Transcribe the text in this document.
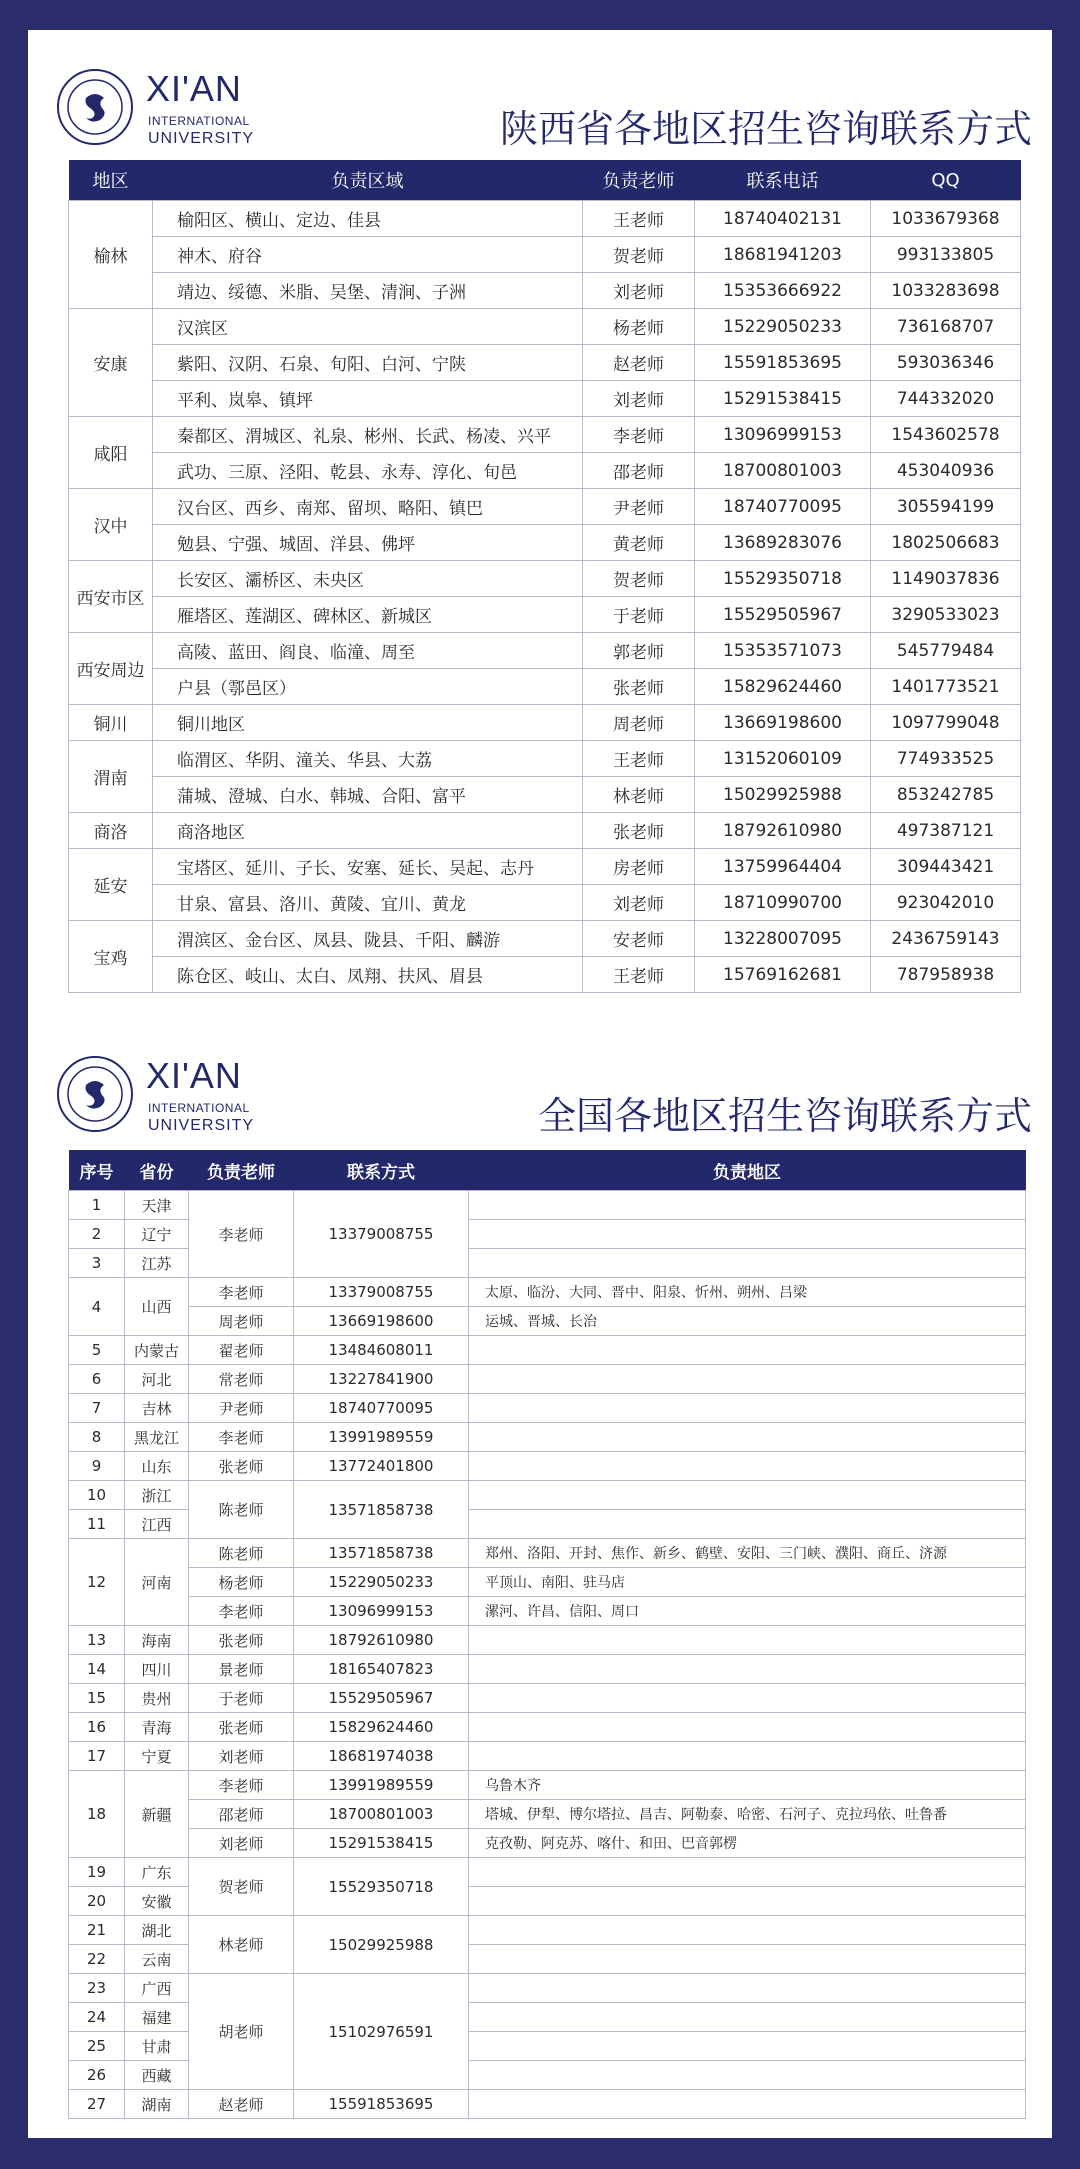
XI'AN
INTERNATIONAL
UNIVERSITY	陕西省各地区招生咨询联系方式
地区	负责区域	负责老师	联系电话	QQ
榆林	榆阳区、横山、定边、佳县	王老师	18740402131	1033679368
	神木、府谷	贺老师	18681941203	993133805
	靖边、绥德、米脂、吴堡、清涧、子洲	刘老师	15353666922	1033283698
安康	汉滨区	杨老师	15229050233	736168707
	紫阳、汉阴、石泉、旬阳、白河、宁陕	赵老师	15591853695	593036346
	平利、岚皋、镇坪	刘老师	15291538415	744332020
咸阳	秦都区、渭城区、礼泉、彬州、长武、杨凌、兴平	李老师	13096999153	1543602578
	武功、三原、泾阳、乾县、永寿、淳化、旬邑	邵老师	18700801003	453040936
汉中	汉台区、西乡、南郑、留坝、略阳、镇巴	尹老师	18740770095	305594199
	勉县、宁强、城固、洋县、佛坪	黄老师	13689283076	1802506683
西安市区	长安区、灞桥区、未央区	贺老师	15529350718	1149037836
	雁塔区、莲湖区、碑林区、新城区	于老师	15529505967	3290533023
西安周边	高陵、蓝田、阎良、临潼、周至	郭老师	15353571073	545779484
	户县（鄠邑区）	张老师	15829624460	1401773521
铜川	铜川地区	周老师	13669198600	1097799048
渭南	临渭区、华阴、潼关、华县、大荔	王老师	13152060109	774933525
	蒲城、澄城、白水、韩城、合阳、富平	林老师	15029925988	853242785
商洛	商洛地区	张老师	18792610980	497387121
延安	宝塔区、延川、子长、安塞、延长、吴起、志丹	房老师	13759964404	309443421
	甘泉、富县、洛川、黄陵、宜川、黄龙	刘老师	18710990700	923042010
宝鸡	渭滨区、金台区、凤县、陇县、千阳、麟游	安老师	13228007095	2436759143
	陈仓区、岐山、太白、凤翔、扶风、眉县	王老师	15769162681	787958938
XI'AN
INTERNATIONAL
UNIVERSITY	全国各地区招生咨询联系方式
序号	省份	负责老师	联系方式	负责地区
1	天津	李老师	13379008755	
2	辽宁			
3	江苏			
4	山西	李老师	13379008755	太原、临汾、大同、晋中、阳泉、忻州、朔州、吕梁
		周老师	13669198600	运城、晋城、长治
5	内蒙古	翟老师	13484608011	
6	河北	常老师	13227841900	
7	吉林	尹老师	18740770095	
8	黑龙江	李老师	13991989559	
9	山东	张老师	13772401800	
10	浙江	陈老师	13571858738	
11	江西			
12	河南	陈老师	13571858738	郑州、洛阳、开封、焦作、新乡、鹤壁、安阳、三门峡、濮阳、商丘、济源
		杨老师	15229050233	平顶山、南阳、驻马店
		李老师	13096999153	漯河、许昌、信阳、周口
13	海南	张老师	18792610980	
14	四川	景老师	18165407823	
15	贵州	于老师	15529505967	
16	青海	张老师	15829624460	
17	宁夏	刘老师	18681974038	
18	新疆	李老师	13991989559	乌鲁木齐
		邵老师	18700801003	塔城、伊犁、博尔塔拉、昌吉、阿勒泰、哈密、石河子、克拉玛依、吐鲁番
		刘老师	15291538415	克孜勒、阿克苏、喀什、和田、巴音郭楞
19	广东	贺老师	15529350718	
20	安徽			
21	湖北	林老师	15029925988	
22	云南			
23	广西	胡老师	15102976591	
24	福建			
25	甘肃			
26	西藏			
27	湖南	赵老师	15591853695	
